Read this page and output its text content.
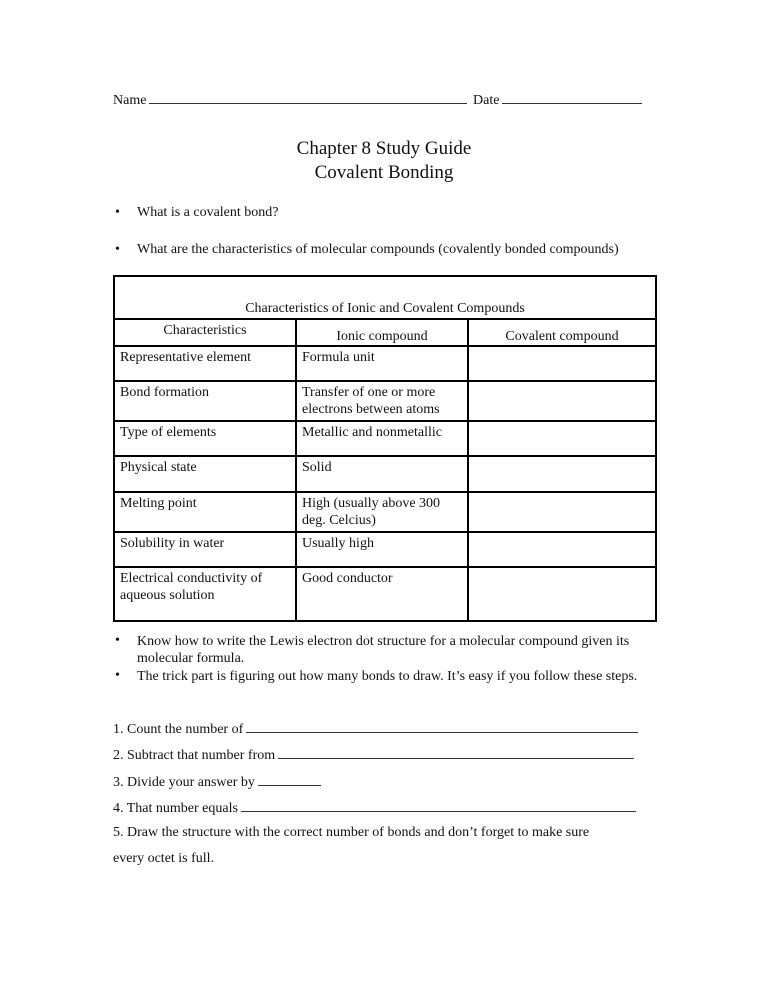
Name	Date
Chapter 8 Study Guide
Covalent Bonding
• What is a covalent bond?
• What are the characteristics of molecular compounds (covalently bonded compounds)
Characteristics of Ionic and Covalent Compounds		
Characteristics	Ionic compound	Covalent compound
Representative element	Formula unit	
Bond formation	Transfer of one or more electrons between atoms	
Type of elements	Metallic and nonmetallic	
Physical state	Solid	
Melting point	High (usually above 300 deg. Celcius)	
Solubility in water	Usually high	
Electrical conductivity of aqueous solution	Good conductor	
• Know how to write the Lewis electron dot structure for a molecular compound given its molecular formula.
• The trick part is figuring out how many bonds to draw. It’s easy if you follow these steps.
1. Count the number of
2. Subtract that number from
3. Divide your answer by
4. That number equals
5. Draw the structure with the correct number of bonds and don’t forget to make sure
every octet is full.
